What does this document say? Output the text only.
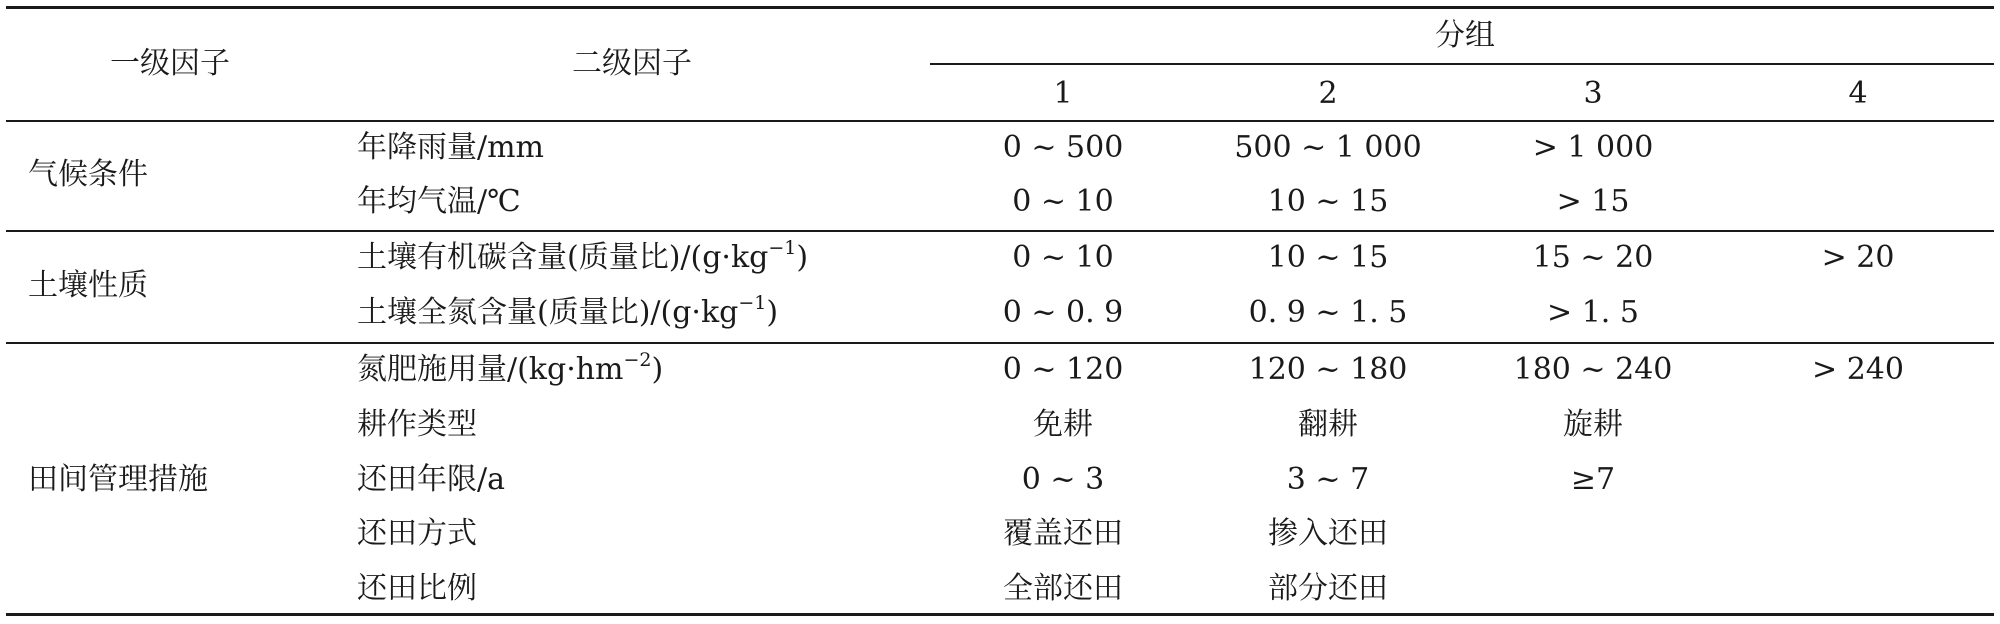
一级因子	二级因子
分组
1	2	3	4
气候条件
年降雨量/mm	0 ~ 500	500 ~ 1 000	> 1 000
年均气温/℃	0 ~ 10	10 ~ 15	> 15
土壤性质
土壤有机碳含量(质量比)$/(g\cdot kg^{-1})$	0 ~ 10	10 ~ 15	15 ~ 20	> 20
土壤全氮含量(质量比)$/(g\cdot kg^{-1})$	0 ~ 0. 9	0. 9 ~ 1. 5	> 1. 5
田间管理措施
氮肥施用量$/(kg\cdot hm^{-2})$	0 ~ 120	120 ~ 180	180 ~ 240	> 240
耕作类型	免耕	翻耕	旋耕
还田年限/a	0 ~ 3	3 ~ 7	≥7
还田方式	覆盖还田	掺入还田
还田比例	全部还田	部分还田
